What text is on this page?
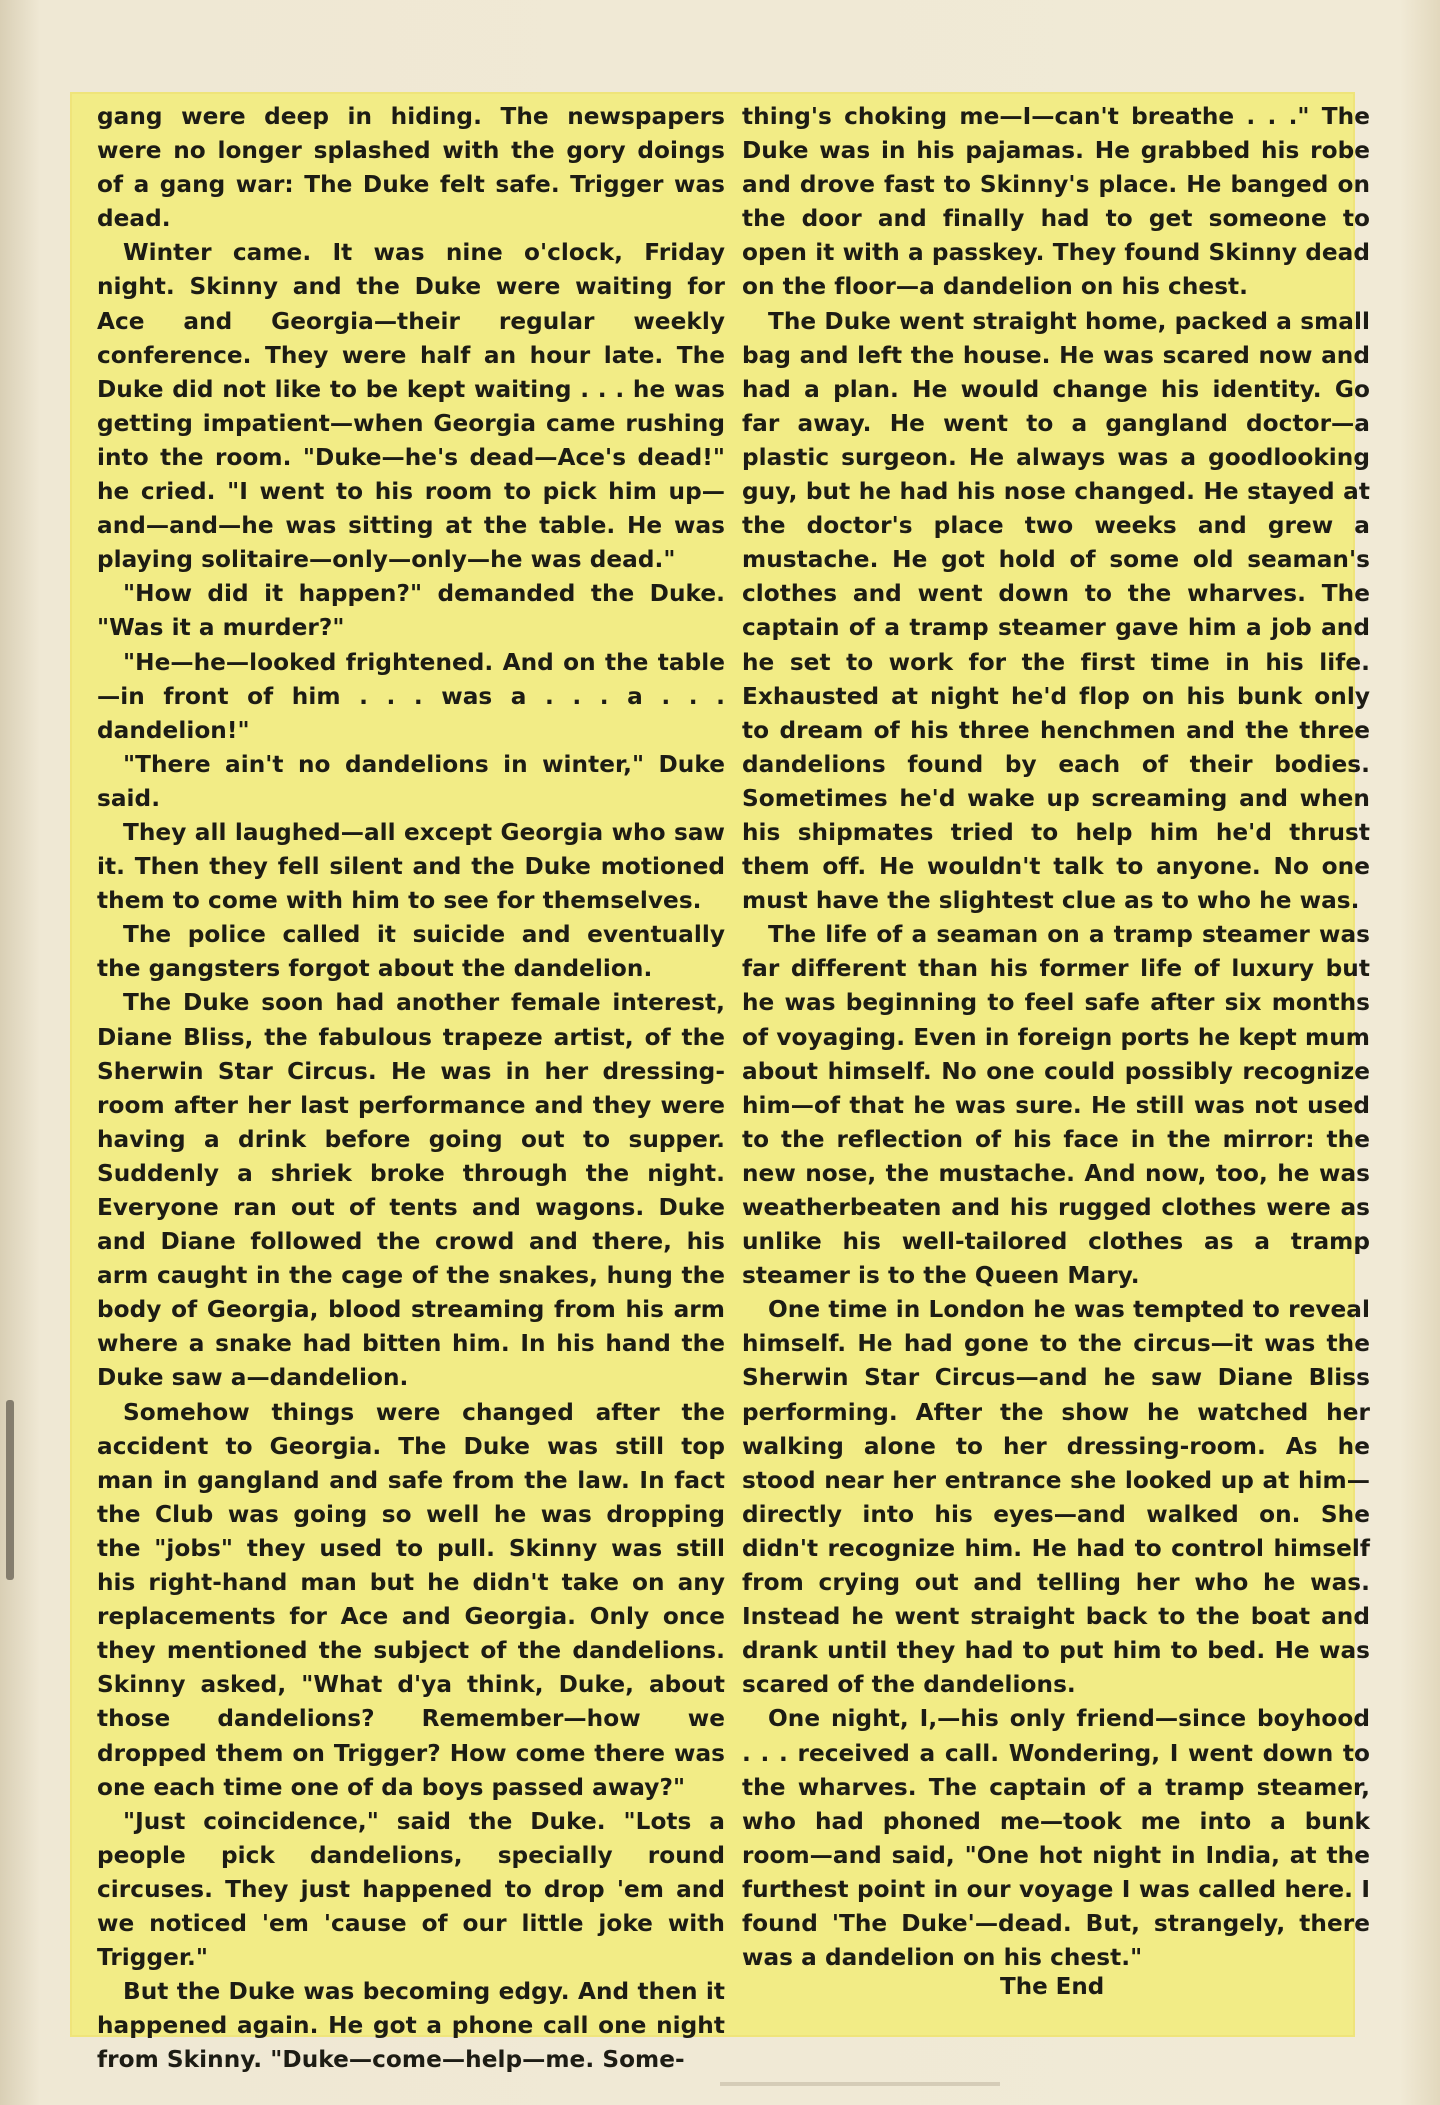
gang were deep in hiding. The newspapers were no longer splashed with the gory doings of a gang war: The Duke felt safe. Trigger was dead.

Winter came. It was nine o'clock, Friday night. Skinny and the Duke were waiting for Ace and Georgia—their regular weekly conference. They were half an hour late. The Duke did not like to be kept waiting . . . he was getting impatient—when Georgia came rushing into the room. "Duke—he's dead—Ace's dead!" he cried. "I went to his room to pick him up—and—and—he was sitting at the table. He was playing solitaire—only—only—he was dead."

"How did it happen?" demanded the Duke. "Was it a murder?"

"He—he—looked frightened. And on the table—in front of him . . . was a . . . a . . . dandelion!"

"There ain't no dandelions in winter," Duke said.

They all laughed—all except Georgia who saw it. Then they fell silent and the Duke motioned them to come with him to see for themselves.

The police called it suicide and eventually the gangsters forgot about the dandelion.

The Duke soon had another female interest, Diane Bliss, the fabulous trapeze artist, of the Sherwin Star Circus. He was in her dressing-room after her last performance and they were having a drink before going out to supper. Suddenly a shriek broke through the night. Everyone ran out of tents and wagons. Duke and Diane followed the crowd and there, his arm caught in the cage of the snakes, hung the body of Georgia, blood streaming from his arm where a snake had bitten him. In his hand the Duke saw a—dandelion.

Somehow things were changed after the accident to Georgia. The Duke was still top man in gangland and safe from the law. In fact the Club was going so well he was dropping the "jobs" they used to pull. Skinny was still his right-hand man but he didn't take on any replacements for Ace and Georgia. Only once they mentioned the subject of the dandelions. Skinny asked, "What d'ya think, Duke, about those dandelions? Remember—how we dropped them on Trigger? How come there was one each time one of da boys passed away?"

"Just coincidence," said the Duke. "Lots a people pick dandelions, specially round circuses. They just happened to drop 'em and we noticed 'em 'cause of our little joke with Trigger."

But the Duke was becoming edgy. And then it happened again. He got a phone call one night from Skinny. "Duke—come—help—me. Some-

thing's choking me—I—can't breathe . . ." The Duke was in his pajamas. He grabbed his robe and drove fast to Skinny's place. He banged on the door and finally had to get someone to open it with a passkey. They found Skinny dead on the floor—a dandelion on his chest.

The Duke went straight home, packed a small bag and left the house. He was scared now and had a plan. He would change his identity. Go far away. He went to a gangland doctor—a plastic surgeon. He always was a goodlooking guy, but he had his nose changed. He stayed at the doctor's place two weeks and grew a mustache. He got hold of some old seaman's clothes and went down to the wharves. The captain of a tramp steamer gave him a job and he set to work for the first time in his life. Exhausted at night he'd flop on his bunk only to dream of his three henchmen and the three dandelions found by each of their bodies. Sometimes he'd wake up screaming and when his shipmates tried to help him he'd thrust them off. He wouldn't talk to anyone. No one must have the slightest clue as to who he was.

The life of a seaman on a tramp steamer was far different than his former life of luxury but he was beginning to feel safe after six months of voyaging. Even in foreign ports he kept mum about himself. No one could possibly recognize him—of that he was sure. He still was not used to the reflection of his face in the mirror: the new nose, the mustache. And now, too, he was weatherbeaten and his rugged clothes were as unlike his well-tailored clothes as a tramp steamer is to the Queen Mary.

One time in London he was tempted to reveal himself. He had gone to the circus—it was the Sherwin Star Circus—and he saw Diane Bliss performing. After the show he watched her walking alone to her dressing-room. As he stood near her entrance she looked up at him—directly into his eyes—and walked on. She didn't recognize him. He had to control himself from crying out and telling her who he was. Instead he went straight back to the boat and drank until they had to put him to bed. He was scared of the dandelions.

One night, I,—his only friend—since boyhood . . . received a call. Wondering, I went down to the wharves. The captain of a tramp steamer, who had phoned me—took me into a bunk room—and said, "One hot night in India, at the furthest point in our voyage I was called here. I found 'The Duke'—dead. But, strangely, there was a dandelion on his chest."

The End
